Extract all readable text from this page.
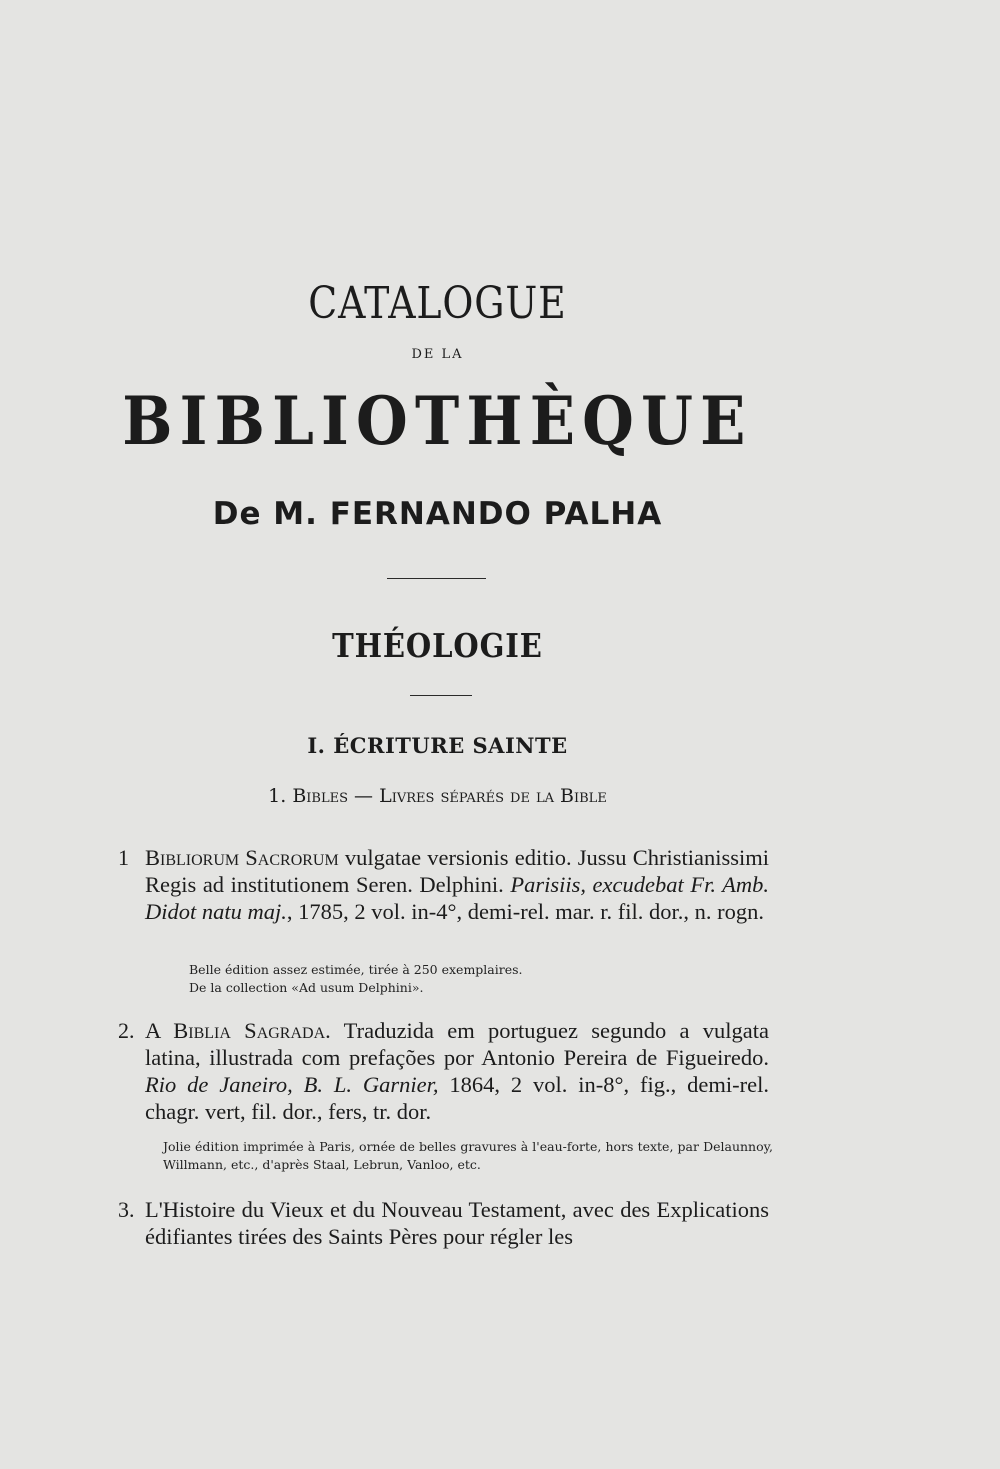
CATALOGUE
DE LA
BIBLIOTHÈQUE
De M. FERNANDO PALHA
THÉOLOGIE
I. ÉCRITURE SAINTE
1. Bibles — Livres séparés de la Bible
1 Bibliorum Sacrorum vulgatae versionis editio. Jussu Christianissimi Regis ad institutionem Seren. Delphini. Parisiis, excudebat Fr. Amb. Didot natu maj., 1785, 2 vol. in-4°, demi-rel. mar. r. fil. dor., n. rogn.
Belle édition assez estimée, tirée à 250 exemplaires.
De la collection «Ad usum Delphini».
2. A Biblia Sagrada. Traduzida em portuguez segundo a vulgata latina, illustrada com prefações por Antonio Pereira de Figueiredo. Rio de Janeiro, B. L. Garnier, 1864, 2 vol. in-8°, fig., demi-rel. chagr. vert, fil. dor., fers, tr. dor.
Jolie édition imprimée à Paris, ornée de belles gravures à l'eau-forte, hors texte, par Delaunnoy, Willmann, etc., d'après Staal, Lebrun, Vanloo, etc.
3. L'Histoire du Vieux et du Nouveau Testament, avec des Explications édifiantes tirées des Saints Pères pour régler les
